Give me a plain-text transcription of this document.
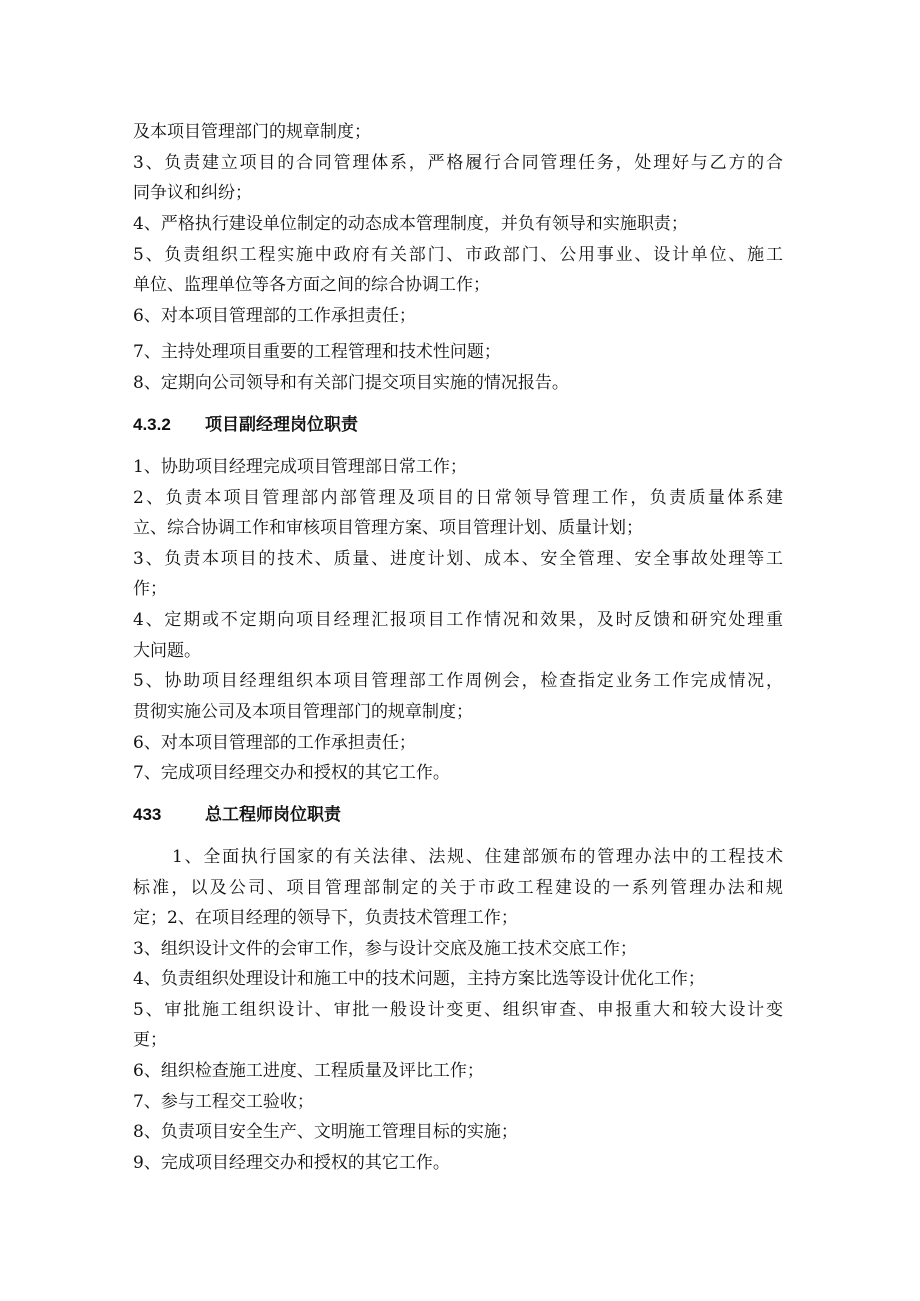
及本项目管理部门的规章制度；
3、负责建立项目的合同管理体系，严格履行合同管理任务，处理好与乙方的合
同争议和纠纷；
4、严格执行建设单位制定的动态成本管理制度，并负有领导和实施职责；
5、负责组织工程实施中政府有关部门、市政部门、公用事业、设计单位、施工
单位、监理单位等各方面之间的综合协调工作；
6、对本项目管理部的工作承担责任；
7、主持处理项目重要的工程管理和技术性问题；
8、定期向公司领导和有关部门提交项目实施的情况报告。
4.3.2 项目副经理岗位职责
1、协助项目经理完成项目管理部日常工作；
2、负责本项目管理部内部管理及项目的日常领导管理工作，负责质量体系建
立、综合协调工作和审核项目管理方案、项目管理计划、质量计划；
3、负责本项目的技术、质量、进度计划、成本、安全管理、安全事故处理等工
作；
4、定期或不定期向项目经理汇报项目工作情况和效果，及时反馈和研究处理重
大问题。
5、协助项目经理组织本项目管理部工作周例会，检查指定业务工作完成情况，
贯彻实施公司及本项目管理部门的规章制度；
6、对本项目管理部的工作承担责任；
7、完成项目经理交办和授权的其它工作。
433	总工程师岗位职责
1、全面执行国家的有关法律、法规、住建部颁布的管理办法中的工程技术
标准，以及公司、项目管理部制定的关于市政工程建设的一系列管理办法和规
定；2、在项目经理的领导下，负责技术管理工作；
3、组织设计文件的会审工作，参与设计交底及施工技术交底工作；
4、负责组织处理设计和施工中的技术问题，主持方案比选等设计优化工作；
5、审批施工组织设计、审批一般设计变更、组织审查、申报重大和较大设计变
更；
6、组织检查施工进度、工程质量及评比工作；
7、参与工程交工验收；
8、负责项目安全生产、文明施工管理目标的实施；
9、完成项目经理交办和授权的其它工作。
